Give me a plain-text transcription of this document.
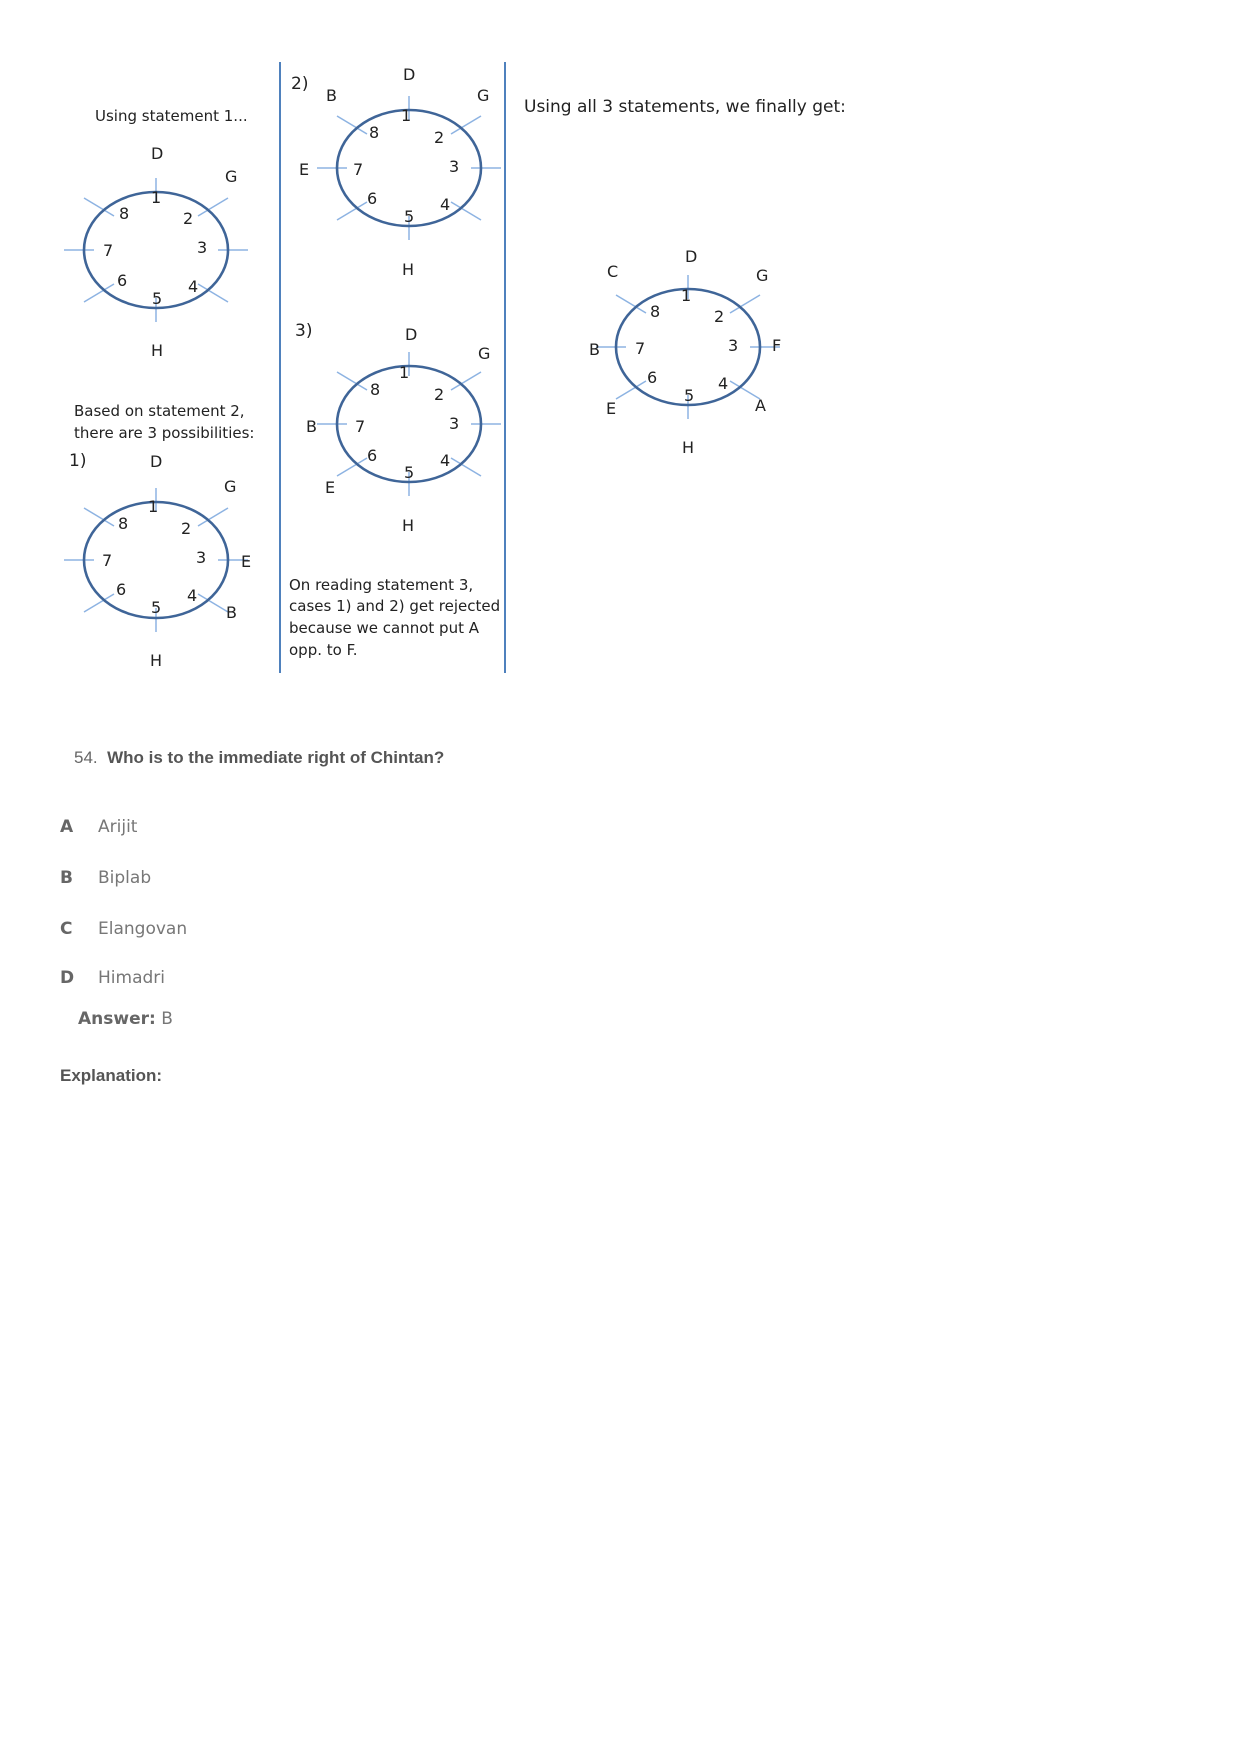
Using statement 1...
1
2
3
4
5
6
7
8
D
G
H
Based on statement 2,
there are 3 possibilities:
1)	D
1
2
3
4
5
6
7
8
G
E
B
H
2)
B
D
G
1
2
3
4
5
6
7
8
E
H
3)	D
G
1
2
3
4
5
6
7
8
B
E
H
On reading statement 3,
cases 1) and 2) get rejected
because we cannot put A
opp. to F.
Using all 3 statements, we finally get:
C
D
G
1
2
3
4
5
6
7
8
B	F
E	A
H
54. Who is to the immediate right of Chintan?
A Arijit
B Biplab
C Elangovan
D Himadri
Answer: B
Explanation:
